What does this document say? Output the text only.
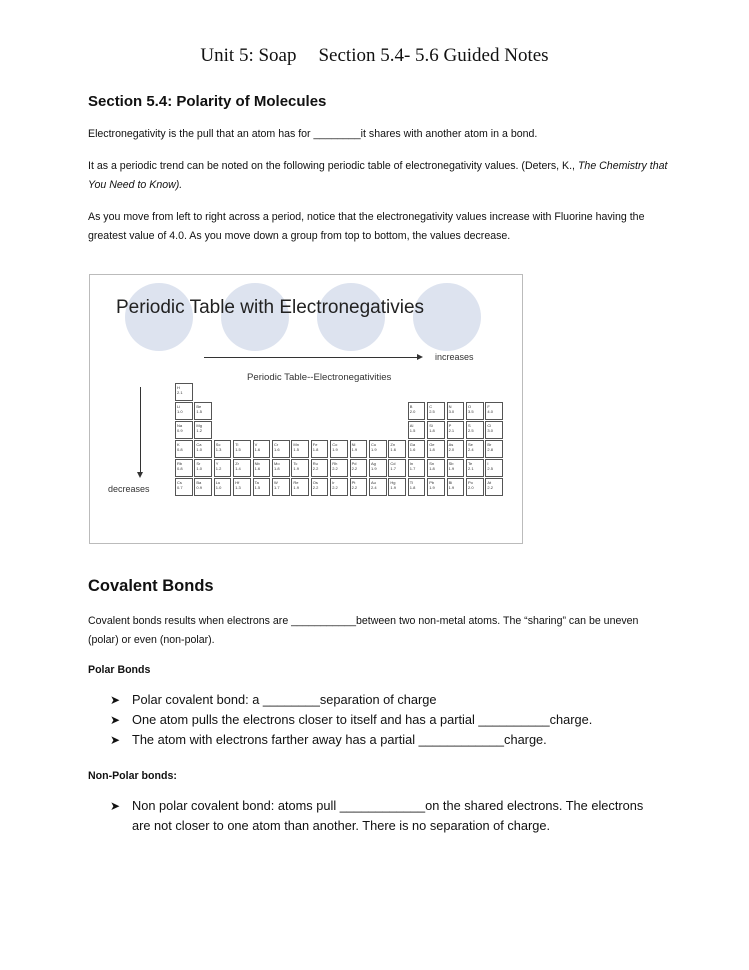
Unit 5: Soap Section 5.4- 5.6 Guided Notes
Section 5.4: Polarity of Molecules

Electronegativity is the pull that an atom has for ________it shares with another atom in a bond.

It as a periodic trend can be noted on the following periodic table of electronegativity values. (Deters, K., The Chemistry that You Need to Know).

As you move from left to right across a period, notice that the electronegativity values increase with Fluorine having the greatest value of 4.0. As you move down a group from top to bottom, the values decrease.

Periodic Table with Electronegativies
increases
Periodic Table--Electronegativities
decreases
H
2.1
Li
1.0
Be
1.5
B
2.0
C
2.5
N
3.0
O
3.5
F
4.0
Na
0.9
Mg
1.2
Al
1.5
Si
1.8
P
2.1
S
2.5
Cl
3.0
K
0.8
Ca
1.0
Sc
1.3
Ti
1.5
V
1.6
Cr
1.6
Mn
1.5
Fe
1.8
Co
1.9
Ni
1.9
Cu
1.9
Zn
1.6
Ga
1.6
Ge
1.8
As
2.0
Se
2.4
Br
2.8
Rb
0.8
Sr
1.0
Y
1.2
Zr
1.4
Nb
1.6
Mo
1.8
Tc
1.9
Ru
2.2
Rh
2.2
Pd
2.2
Ag
1.9
Cd
1.7
In
1.7
Sn
1.8
Sb
1.9
Te
2.1
I
2.5
Cs
0.7
Ba
0.9
Lu
1.0
Hf
1.3
Ta
1.5
W
1.7
Re
1.9
Os
2.2
Ir
2.2
Pt
2.2
Au
2.4
Hg
1.9
Tl
1.8
Pb
1.9
Bi
1.9
Po
2.0
At
2.2
Covalent Bonds

Covalent bonds results when electrons are ___________between two non-metal atoms. The “sharing” can be uneven (polar) or even (non-polar).

Polar Bonds
➤ Polar covalent bond: a ________separation of charge
➤ One atom pulls the electrons closer to itself and has a partial __________charge.
➤ The atom with electrons farther away has a partial ____________charge.
Non-Polar bonds:
➤ Non polar covalent bond: atoms pull ____________on the shared electrons. The electrons are not closer to one atom than another. There is no separation of charge.
